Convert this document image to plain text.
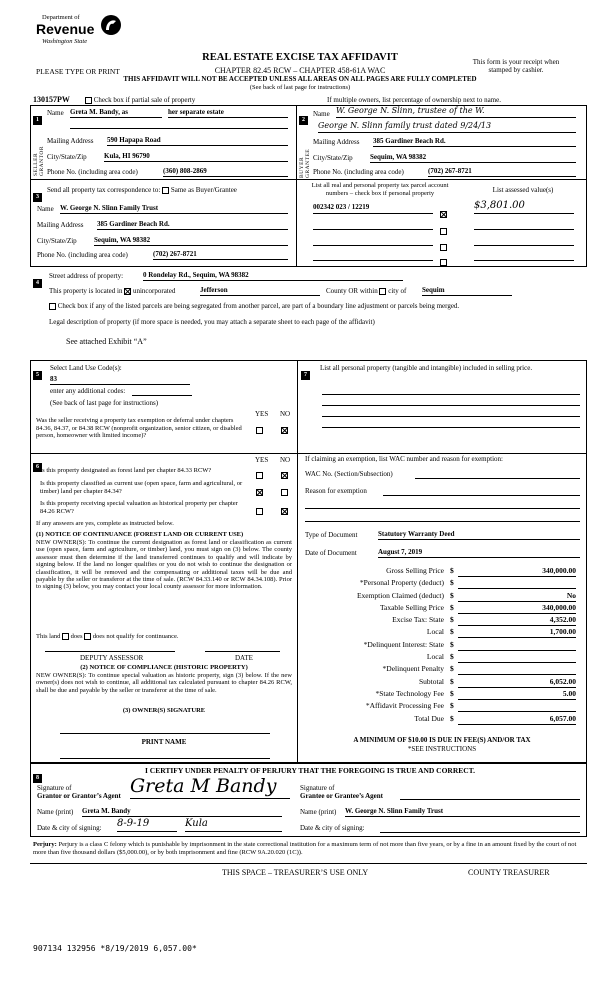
Department of
Revenue
Washington State
REAL ESTATE EXCISE TAX AFFIDAVIT
PLEASE TYPE OR PRINT	CHAPTER 82.45 RCW – CHAPTER 458-61A WAC
This form is your receipt when stamped by cashier.
THIS AFFIDAVIT WILL NOT BE ACCEPTED UNLESS ALL AREAS ON ALL PAGES ARE FULLY COMPLETED
(See back of last page for instructions)
130157PW	Check box if partial sale of property	If multiple owners, list percentage of ownership next to name.
1
SELLER GRANTOR
Name Greta M. Bandy, as	her separate estate
Mailing Address 590 Hapapa Road
City/State/Zip Kula, HI 96790
Phone No. (including area code)	(360) 808-2869
2
BUYER GRANTEE
Name W. George N. Slinn, trustee of the W.
George N. Slinn family trust dated 9/24/13
Mailing Address 385 Gardiner Beach Rd.
City/State/Zip Sequim, WA 98382
Phone No. (including area code)	(702) 267-8721
3
Send all property tax correspondence to: Same as Buyer/Grantee
Name W. George N. Slinn Family Trust
Mailing Address 385 Gardiner Beach Rd.
City/State/Zip Sequim, WA 98382
Phone No. (including area code)	(702) 267-8721
List all real and personal property tax parcel account numbers – check box if personal property	List assessed value(s)
002342 023 / 12219	$3,801.00
4
Street address of property:	0 Rondelay Rd., Sequim, WA 98382
This property is located in unincorporated	Jefferson	County OR within city of Sequim
Check box if any of the listed parcels are being segregated from another parcel, are part of a boundary line adjustment or parcels being merged.
Legal description of property (if more space is needed, you may attach a separate sheet to each page of the affidavit)
See attached Exhibit “A”
5
Select Land Use Code(s):
83
enter any additional codes:
(See back of last page for instructions)
YES NO
Was the seller receiving a property tax exemption or deferral under chapters 84.36, 84.37, or 84.38 RCW (nonprofit organization, senior citizen, or disabled person, homeowner with limited income)?
6
YES NO
Is this property designated as forest land per chapter 84.33 RCW?
Is this property classified as current use (open space, farm and agricultural, or timber) land per chapter 84.34?
Is this property receiving special valuation as historical property per chapter 84.26 RCW?
If any answers are yes, complete as instructed below.
(1) NOTICE OF CONTINUANCE (FOREST LAND OR CURRENT USE)
NEW OWNER(S): To continue the current designation as forest land or classification as current use (open space, farm and agriculture, or timber) land, you must sign on (3) below. The county assessor must then determine if the land transferred continues to qualify and will indicate by signing below. If the land no longer qualifies or you do not wish to continue the designation or classification, it will be removed and the compensating or additional taxes will be due and payable by the seller or transferor at the time of sale. (RCW 84.33.140 or RCW 84.34.108). Prior to signing (3) below, you may contact your local county assessor for more information.
This land does does not qualify for continuance.
DEPUTY ASSESSOR	DATE
(2) NOTICE OF COMPLIANCE (HISTORIC PROPERTY)
NEW OWNER(S): To continue special valuation as historic property, sign (3) below. If the new owner(s) does not wish to continue, all additional tax calculated pursuant to chapter 84.26 RCW, shall be due and payable by the seller or transferor at the time of sale.
(3) OWNER(S) SIGNATURE
PRINT NAME
7
List all personal property (tangible and intangible) included in selling price.
If claiming an exemption, list WAC number and reason for exemption:
WAC No. (Section/Subsection)
Reason for exemption
Type of Document	Statutory Warranty Deed
Date of Document	August 7, 2019
Gross Selling Price $	340,000.00
*Personal Property (deduct) $
Exemption Claimed (deduct) $	No
Taxable Selling Price $	340,000.00
Excise Tax: State $	4,352.00
Local $	1,700.00
*Delinquent Interest: State $
Local $
*Delinquent Penalty $
Subtotal $	6,052.00
*State Technology Fee $	5.00
*Affidavit Processing Fee $
Total Due $	6,057.00
A MINIMUM OF $10.00 IS DUE IN FEE(S) AND/OR TAX
*SEE INSTRUCTIONS
8
I CERTIFY UNDER PENALTY OF PERJURY THAT THE FOREGOING IS TRUE AND CORRECT.
Signature of
Grantor or Grantor’s Agent Greta M Bandy
Name (print) Greta M. Bandy
Date & city of signing: 8-9-19	Kula
Signature of
Grantee or Grantee’s Agent
Name (print) W. George N. Slinn Family Trust
Date & city of signing:
Perjury: Perjury is a class C felony which is punishable by imprisonment in the state correctional institution for a maximum term of not more than five years, or by a fine in an amount fixed by the court of not more than five thousand dollars ($5,000.00), or by both imprisonment and fine (RCW 9A.20.020 (1C)).
THIS SPACE – TREASURER’S USE ONLY	COUNTY TREASURER
907134 132956 *8/19/2019 6,057.00*
